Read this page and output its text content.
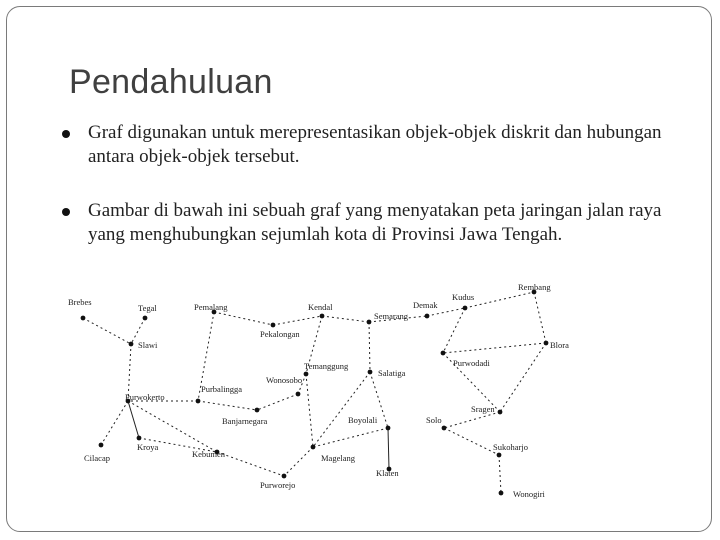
Pendahuluan
Graf digunakan untuk merepresentasikan objek-objek diskrit dan hubungan antara objek-objek tersebut.
Gambar di bawah ini sebuah graf yang menyatakan peta jaringan jalan raya yang menghubungkan sejumlah kota di Provinsi Jawa Tengah.
Brebes
Tegal	Pemalang	Kendal	Demak
Kudus
Rembang
Semarang
Pekalongan
Slawi	Blora
Purwodadi
Temanggung
Salatiga
Wonosobo
Purbalingga
Purwokerto
Sragen
Banjarnegara	Boyolali	Solo
Cilacap
Kroya
Kebumen	Magelang
Sukoharjo
Klaten
Purworejo
Wonogiri
